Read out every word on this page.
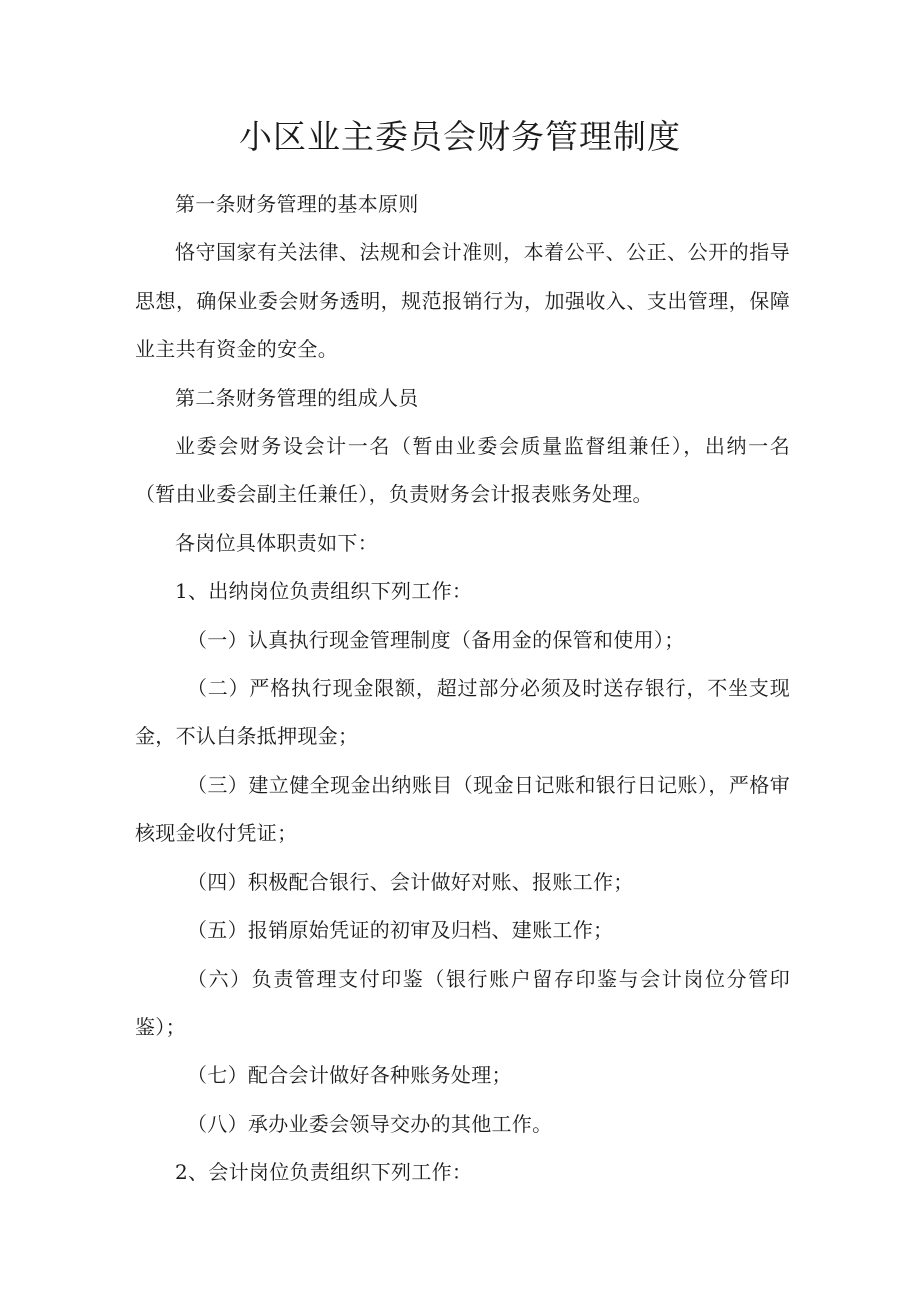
小区业主委员会财务管理制度

第一条财务管理的基本原则

恪守国家有关法律、法规和会计准则，本着公平、公正、公开的指导思想，确保业委会财务透明，规范报销行为，加强收入、支出管理，保障业主共有资金的安全。

第二条财务管理的组成人员

业委会财务设会计一名（暂由业委会质量监督组兼任），出纳一名（暂由业委会副主任兼任），负责财务会计报表账务处理。

各岗位具体职责如下：

1、出纳岗位负责组织下列工作：

（一）认真执行现金管理制度（备用金的保管和使用）；

（二）严格执行现金限额，超过部分必须及时送存银行，不坐支现金，不认白条抵押现金；

（三）建立健全现金出纳账目（现金日记账和银行日记账），严格审核现金收付凭证；

（四）积极配合银行、会计做好对账、报账工作；

（五）报销原始凭证的初审及归档、建账工作；

（六）负责管理支付印鉴（银行账户留存印鉴与会计岗位分管印鉴）；

（七）配合会计做好各种账务处理；

（八）承办业委会领导交办的其他工作。

2、会计岗位负责组织下列工作：
